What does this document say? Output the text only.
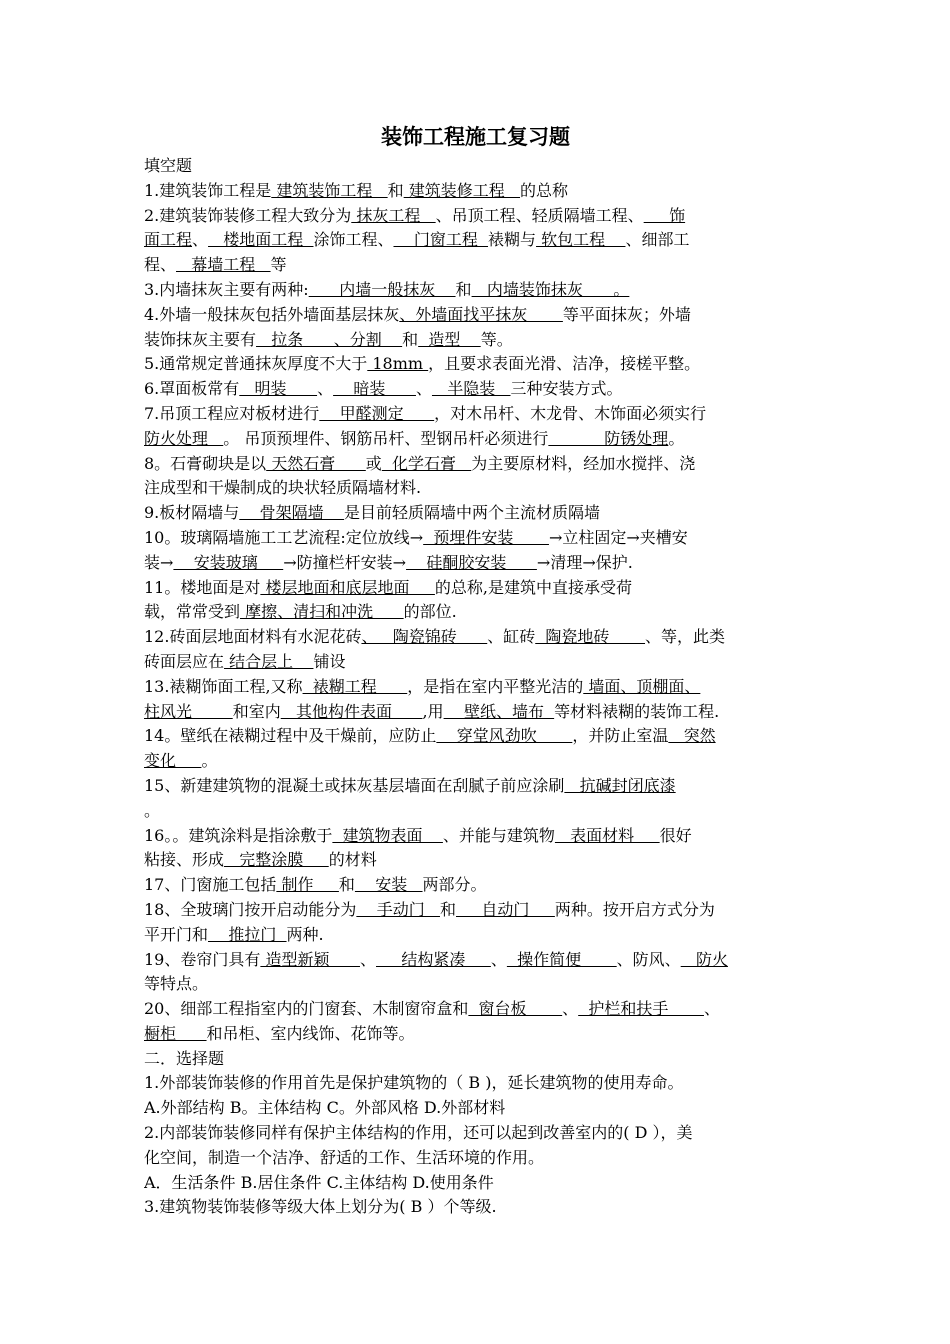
装饰工程施工复习题
填空题
1.建筑装饰工程是 建筑装饰工程   和 建筑装修工程   的总称
2.建筑装饰装修工程大致分为 抹灰工程   、吊顶工程、轻质隔墙工程、     饰
面工程、   楼地面工程  涂饰工程、    门窗工程  裱糊与 软包工程    、细部工
程、   幕墙工程   等
3.内墙抹灰主要有两种:      内墙一般抹灰    和   内墙装饰抹灰      。
4.外墙一般抹灰包括外墙面基层抹灰、外墙面找平抹灰       等平面抹灰；外墙
装饰抹灰主要有   拉条      、分割    和  造型    等。
5.通常规定普通抹灰厚度不大于 18mm ，且要求表面光滑、洁净，接槎平整。
6.罩面板常有   明装      、    暗装      、   半隐装   三种安装方式。
7.吊顶工程应对板材进行    甲醛测定      ，对木吊杆、木龙骨、木饰面必须实行
防火处理   。 吊顶预埋件、钢筋吊杆、型钢吊杆必须进行           防锈处理。
8。石膏砌块是以 天然石膏      或  化学石膏   为主要原材料，经加水搅拌、浇
注成型和干燥制成的块状轻质隔墙材料.
9.板材隔墙与    骨架隔墙    是目前轻质隔墙中两个主流材质隔墙
10。玻璃隔墙施工工艺流程:定位放线→  预埋件安装       →立柱固定→夹槽安
装→    安装玻璃     →防撞栏杆安装→    硅酮胶安装      →清理→保护.
11。楼地面是对 楼层地面和底层地面     的总称,是建筑中直接承受荷
载，常常受到 摩擦、清扫和冲洗      的部位.
12.砖面层地面材料有水泥花砖、   陶瓷锦砖      、缸砖  陶瓷地砖       、等，此类
砖面层应在 结合层上    铺设
13.裱糊饰面工程,又称  裱糊工程      ，是指在室内平整光洁的 墙面、顶棚面、
柱风光        和室内   其他构件表面      ,用    壁纸、墙布  等材料裱糊的装饰工程.
14。壁纸在裱糊过程中及干燥前，应防止    穿堂风劲吹       ，并防止室温   突然
变化     。
15、新建建筑物的混凝土或抹灰基层墙面在刮腻子前应涂刷   抗碱封闭底漆
。
16。。建筑涂料是指涂敷于  建筑物表面    、并能与建筑物   表面材料     很好
粘接、形成   完整涂膜     的材料
17、门窗施工包括 制作     和    安装   两部分。
18、全玻璃门按开启动能分为    手动门   和     自动门     两种。按开启方式分为
平开门和    推拉门  两种.
19、卷帘门具有 造型新颖      、     结构紧凑     、  操作简便       、防风、   防火
等特点。
20、细部工程指室内的门窗套、木制窗帘盒和  窗台板       、  护栏和扶手       、
橱柜      和吊柜、室内线饰、花饰等。
二．选择题
1.外部装饰装修的作用首先是保护建筑物的（ B )，延长建筑物的使用寿命。
A.外部结构 B。主体结构 C。外部风格 D.外部材料
2.内部装饰装修同样有保护主体结构的作用，还可以起到改善室内的( D ），美
化空间，制造一个洁净、舒适的工作、生活环境的作用。
A．生活条件 B.居住条件 C.主体结构 D.使用条件
3.建筑物装饰装修等级大体上划分为( B ）个等级.
